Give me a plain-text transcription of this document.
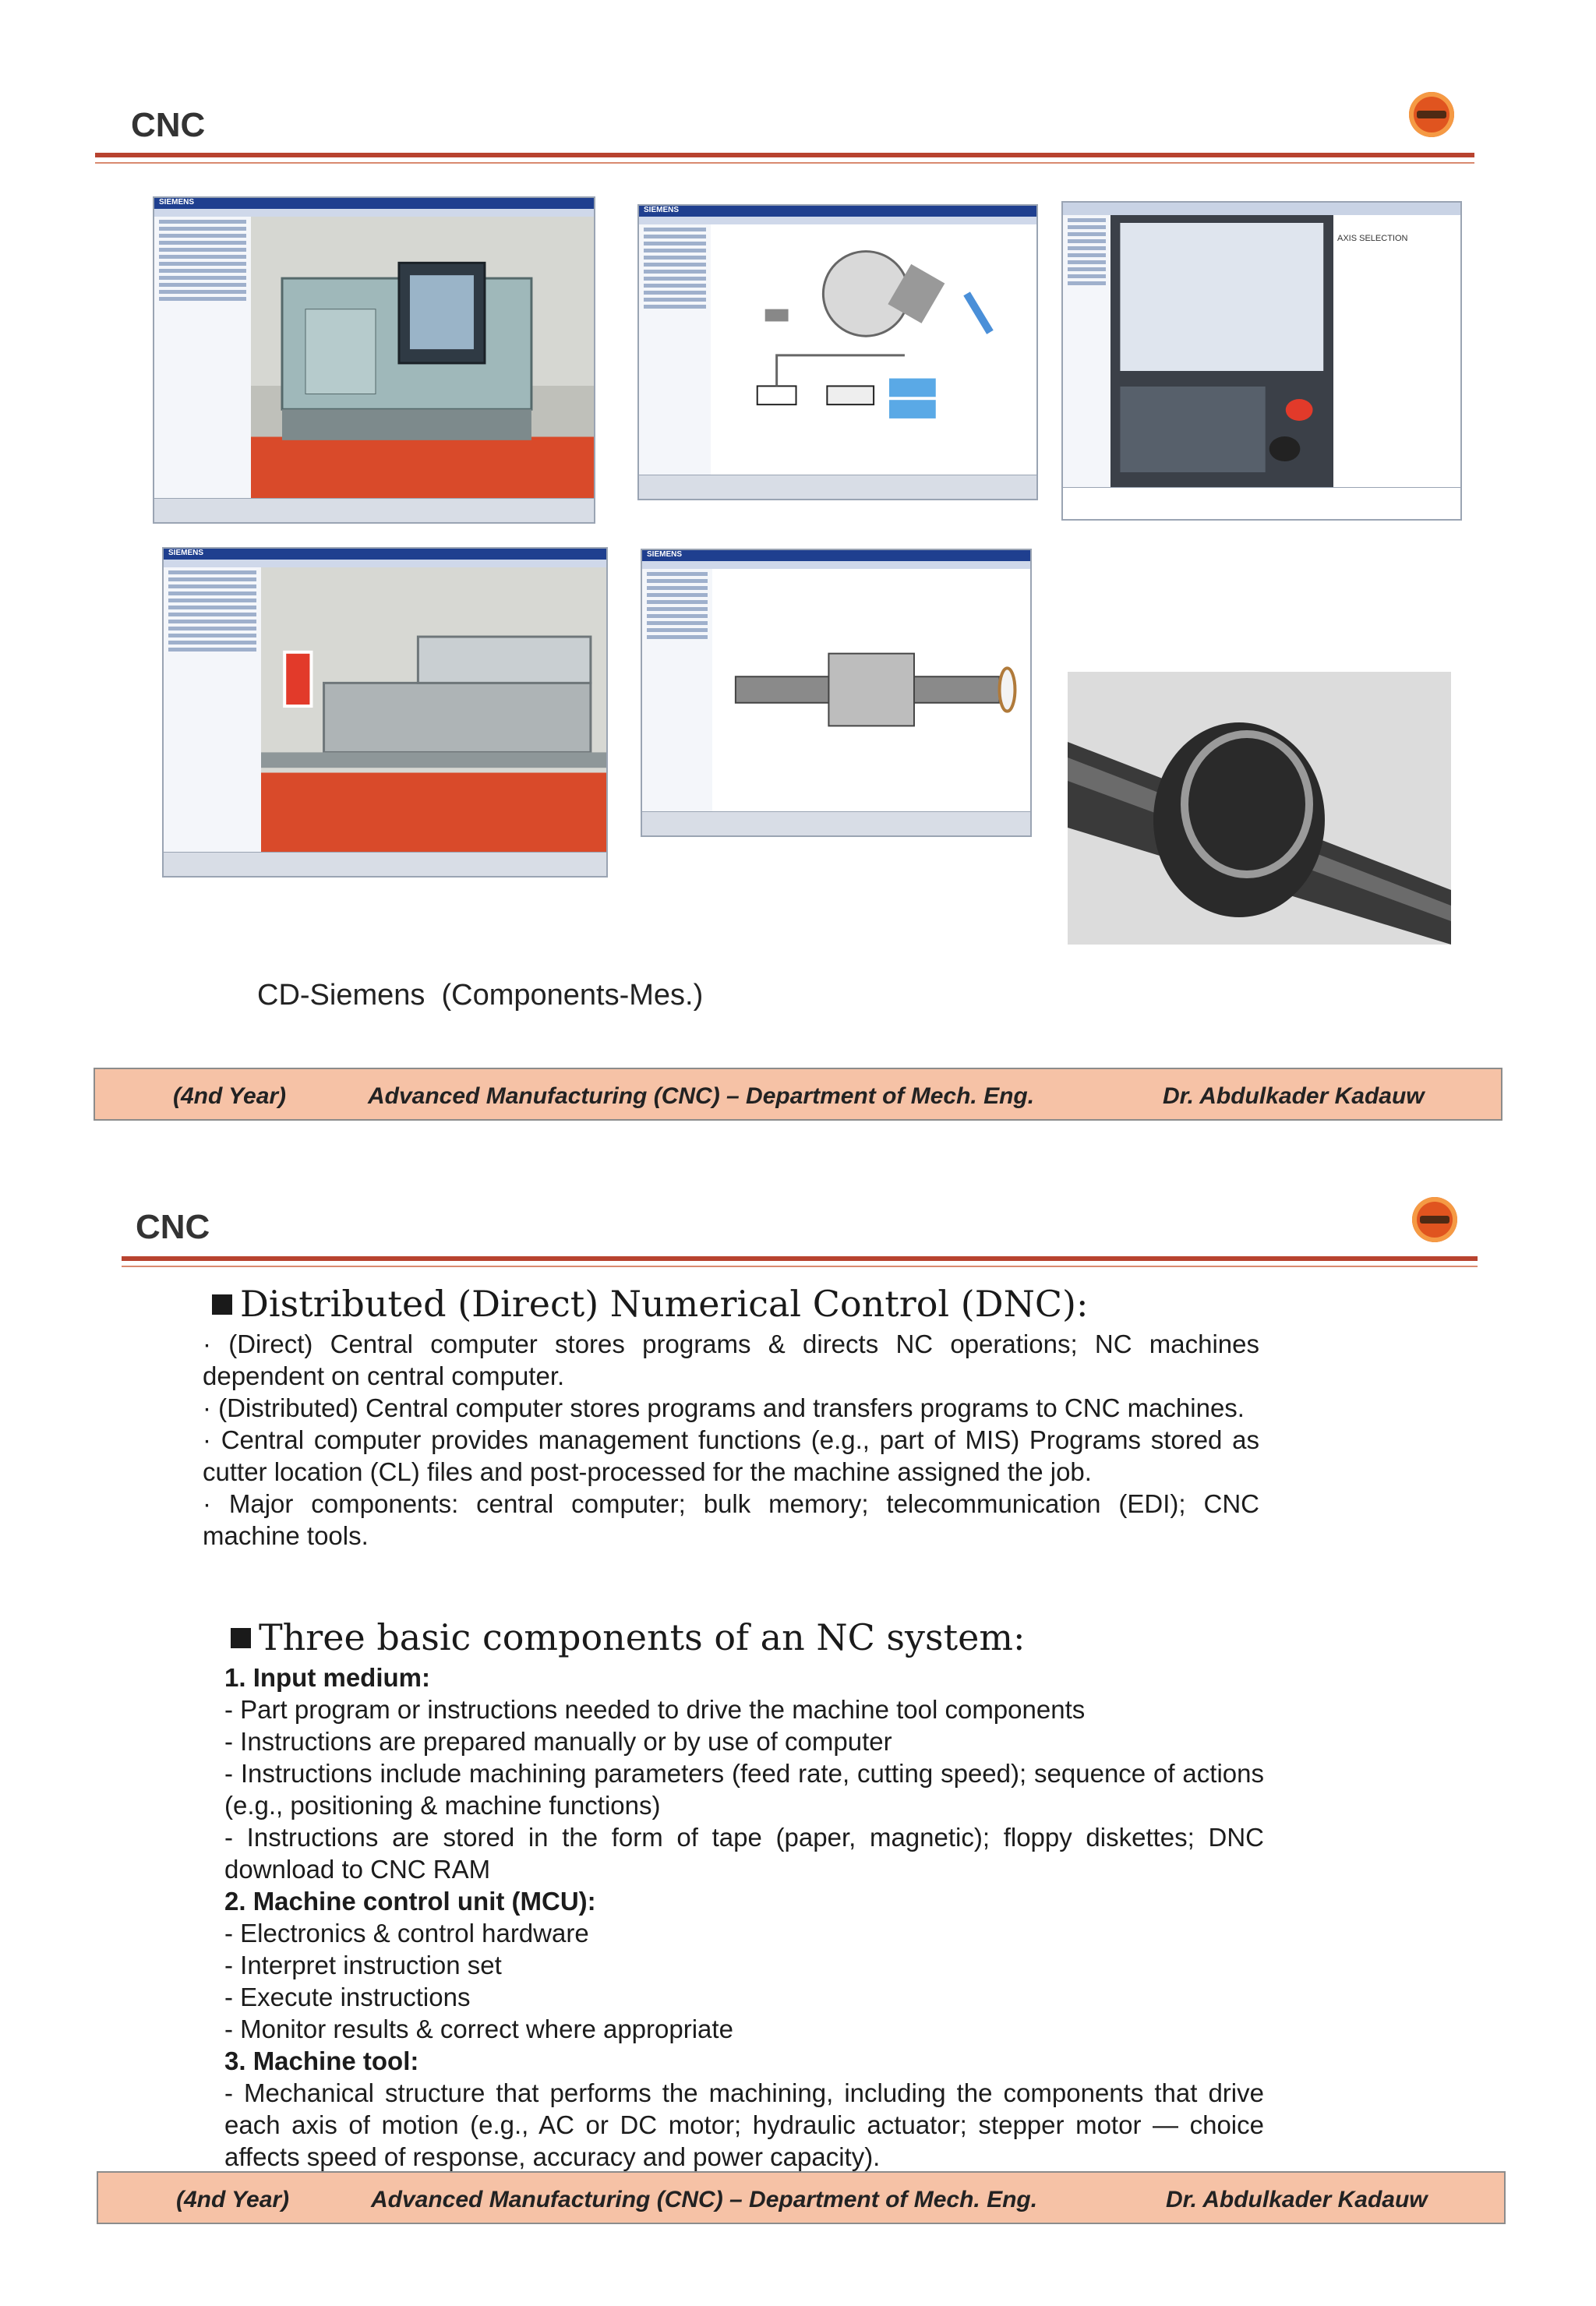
CNC
SIEMENS
SIEMENS
AXIS SELECTION
SIEMENS	SIEMENS
CD-Siemens  (Components-Mes.)
(4nd Year)	Advanced Manufacturing (CNC) – Department of Mech. Eng.	Dr. Abdulkader Kadauw
CNC
Distributed (Direct) Numerical Control (DNC):

· (Direct) Central computer stores programs & directs NC operations; NC machines dependent on central computer.

· (Distributed) Central computer stores programs and transfers programs to CNC machines.

· Central computer provides management functions (e.g., part of MIS) Programs stored as cutter location (CL) files and post-processed for the machine assigned the job.

· Major components: central computer; bulk memory; telecommunication (EDI); CNC machine tools.

Three basic components of an NC system:

1. Input medium:

- Part program or instructions needed to drive the machine tool components

- Instructions are prepared manually or by use of computer

- Instructions include machining parameters (feed rate, cutting speed); sequence of actions (e.g., positioning & machine functions)

- Instructions are stored in the form of tape (paper, magnetic); floppy diskettes; DNC download to CNC RAM

2. Machine control unit (MCU):

- Electronics & control hardware

- Interpret instruction set

- Execute instructions

- Monitor results & correct where appropriate

3. Machine tool:

- Mechanical structure that performs the machining, including the components that drive each axis of motion (e.g., AC or DC motor; hydraulic actuator; stepper motor — choice affects speed of response, accuracy and power capacity).

(4nd Year)	Advanced Manufacturing (CNC) – Department of Mech. Eng.	Dr. Abdulkader Kadauw
